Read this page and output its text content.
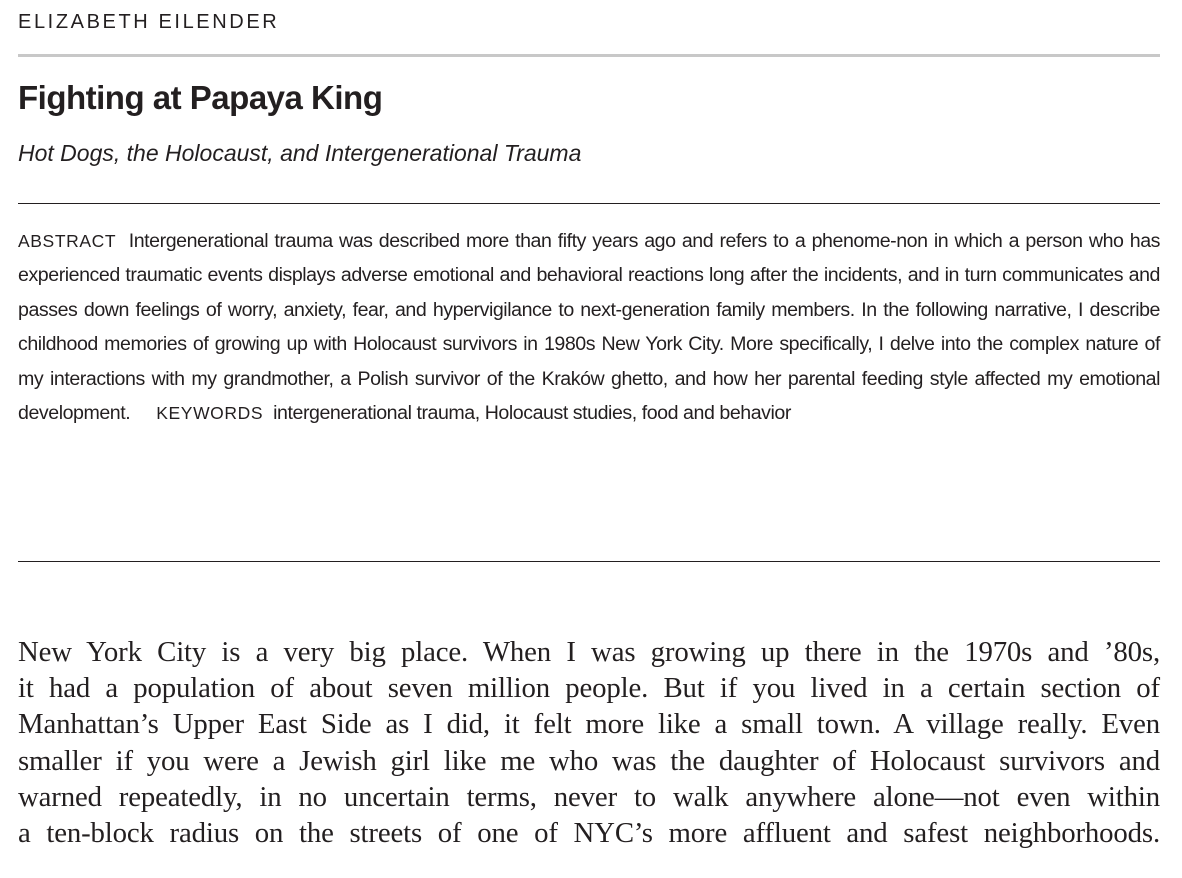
ELIZABETH EILENDER
Fighting at Papaya King
Hot Dogs, the Holocaust, and Intergenerational Trauma

ABSTRACT Intergenerational trauma was described more than fifty years ago and refers to a phenome-non in which a person who has experienced traumatic events displays adverse emotional and behavioral reactions long after the incidents, and in turn communicates and passes down feelings of worry, anxiety, fear, and hypervigilance to next-generation family members. In the following narrative, I describe childhood memories of growing up with Holocaust survivors in 1980s New York City. More specifically, I delve into the complex nature of my interactions with my grandmother, a Polish survivor of the Kraków ghetto, and how her parental feeding style affected my emotional development. KEYWORDS intergenerational trauma, Holocaust studies, food and behavior

New York City is a very big place. When I was growing up there in the 1970s and ’80s,
it had a population of about seven million people. But if you lived in a certain section of
Manhattan’s Upper East Side as I did, it felt more like a small town. A village really. Even
smaller if you were a Jewish girl like me who was the daughter of Holocaust survivors and
warned repeatedly, in no uncertain terms, never to walk anywhere alone—not even within
a ten-block radius on the streets of one of NYC’s more affluent and safest neighborhoods.
